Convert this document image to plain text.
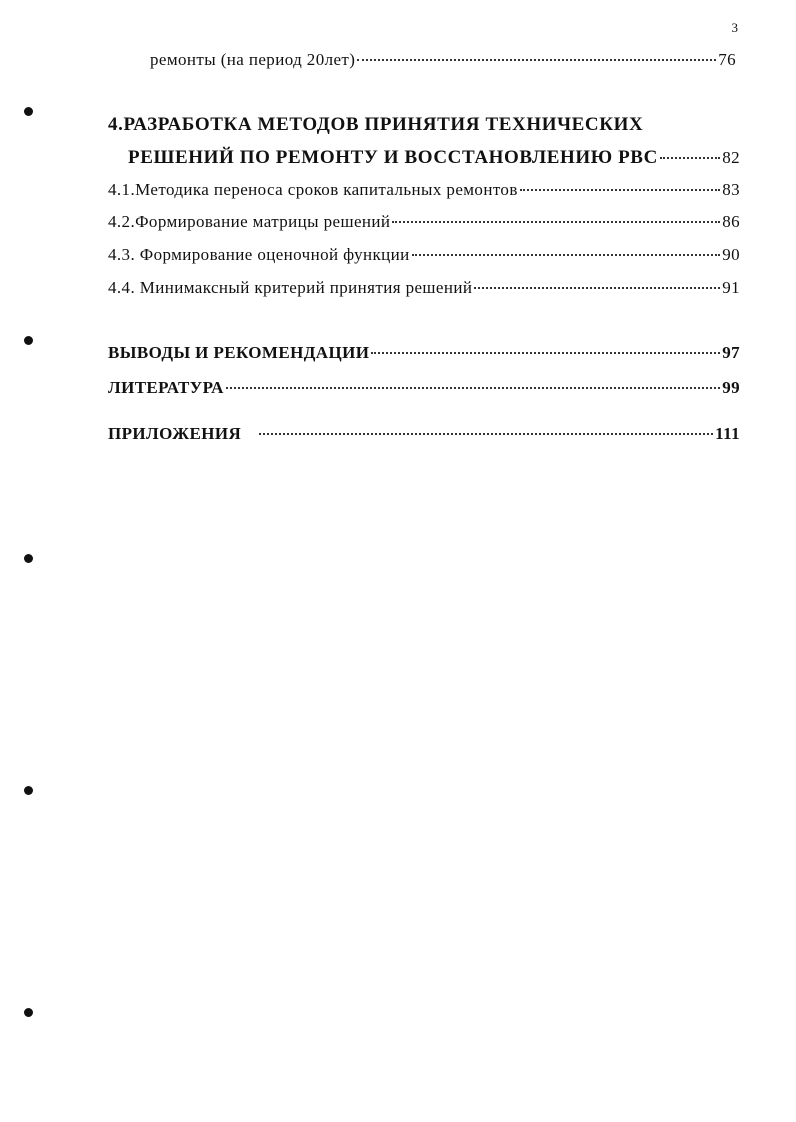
3
ремонты (на период 20лет)	76
4.РАЗРАБОТКА МЕТОДОВ ПРИНЯТИЯ ТЕХНИЧЕСКИХ
РЕШЕНИЙ ПО РЕМОНТУ И ВОССТАНОВЛЕНИЮ РВС	82
4.1.Методика переноса сроков капитальных ремонтов	83
4.2.Формирование матрицы решений	86
4.3. Формирование оценочной функции	90
4.4. Минимаксный критерий принятия решений	91
ВЫВОДЫ И РЕКОМЕНДАЦИИ	97
ЛИТЕРАТУРА	99
ПРИЛОЖЕНИЯ	111
